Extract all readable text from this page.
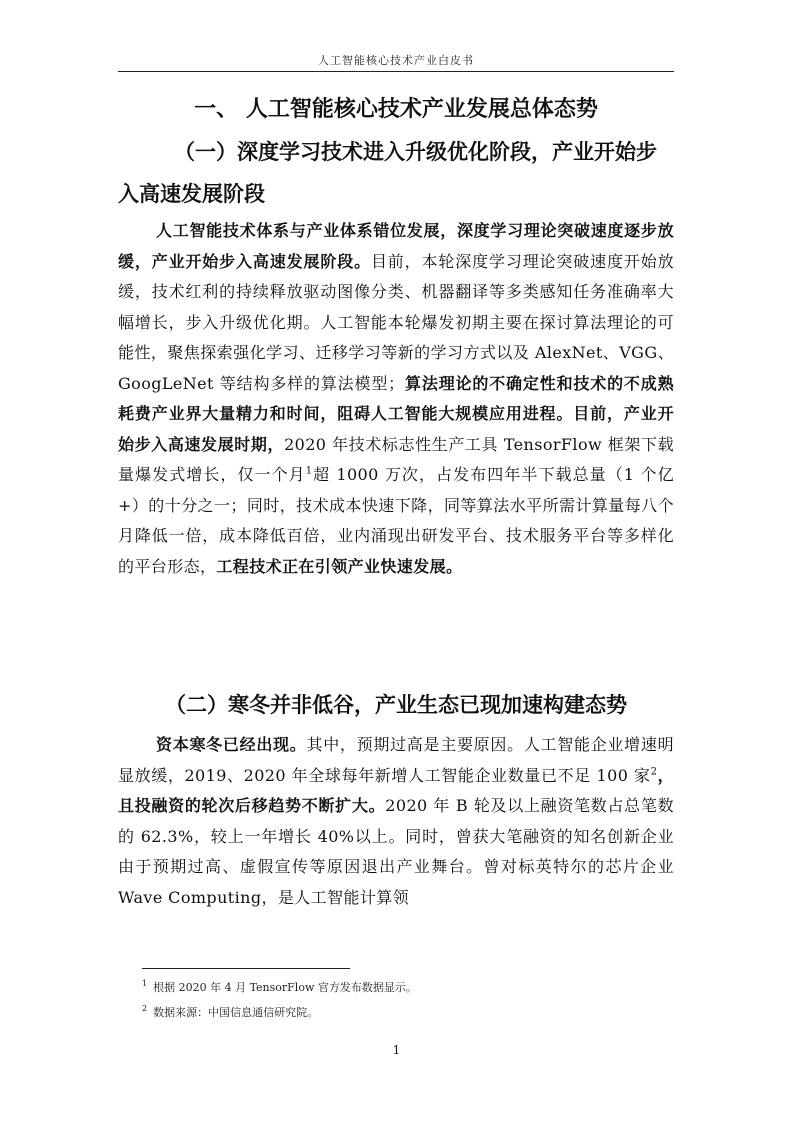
人工智能核心技术产业白皮书
一、 人工智能核心技术产业发展总体态势
（一）深度学习技术进入升级优化阶段，产业开始步入高速发展阶段
人工智能技术体系与产业体系错位发展，深度学习理论突破速度逐步放缓，产业开始步入高速发展阶段。目前，本轮深度学习理论突破速度开始放缓，技术红利的持续释放驱动图像分类、机器翻译等多类感知任务准确率大幅增长，步入升级优化期。人工智能本轮爆发初期主要在探讨算法理论的可能性，聚焦探索强化学习、迁移学习等新的学习方式以及 AlexNet、VGG、GoogLeNet 等结构多样的算法模型；算法理论的不确定性和技术的不成熟耗费产业界大量精力和时间，阻碍人工智能大规模应用进程。目前，产业开始步入高速发展时期，2020 年技术标志性生产工具 TensorFlow 框架下载量爆发式增长，仅一个月$^1$超 1000 万次，占发布四年半下载总量（1 个亿+）的十分之一；同时，技术成本快速下降，同等算法水平所需计算量每八个月降低一倍，成本降低百倍，业内涌现出研发平台、技术服务平台等多样化的平台形态，工程技术正在引领产业快速发展。
（二）寒冬并非低谷，产业生态已现加速构建态势
资本寒冬已经出现。其中，预期过高是主要原因。人工智能企业增速明显放缓，2019、2020 年全球每年新增人工智能企业数量已不足 100 家$^2$，且投融资的轮次后移趋势不断扩大。2020 年 B 轮及以上融资笔数占总笔数的 62.3%，较上一年增长 40%以上。同时，曾获大笔融资的知名创新企业由于预期过高、虚假宣传等原因退出产业舞台。曾对标英特尔的芯片企业 Wave Computing，是人工智能计算领
$^1$ 根据 2020 年 4 月 TensorFlow 官方发布数据显示。
$^2$ 数据来源：中国信息通信研究院。
1
